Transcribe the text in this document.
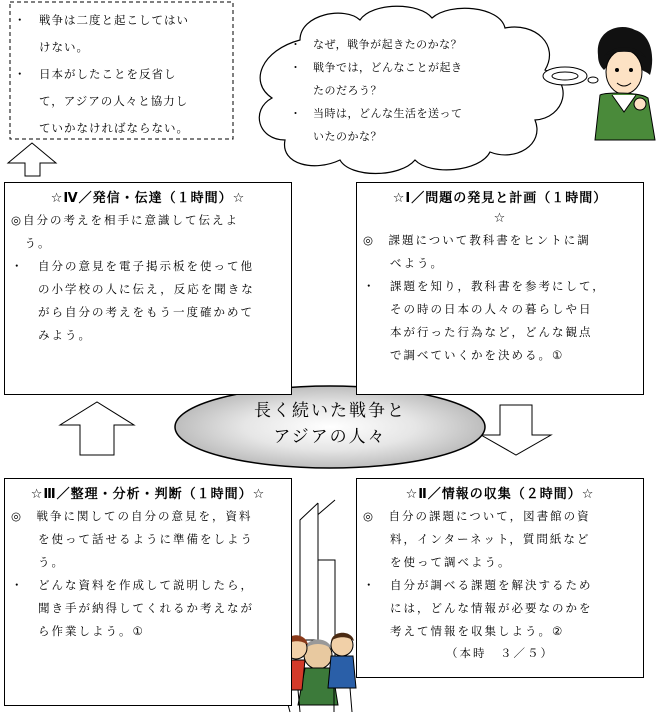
・　戦争は二度と起こしてはい
　　けない。
・　日本がしたことを反省し
　　て，アジアの人々と協力し
　　ていかなければならない。
・　なぜ，戦争が起きたのかな？
・　戦争では，どんなことが起き
　　たのだろう？
・　当時は，どんな生活を送って
　　いたのかな？
☆Ⅳ／発信・伝達（１時間）☆
◎自分の考えを相手に意識して伝えよ
　う。
・　自分の意見を電子掲示板を使って他
　　の小学校の人に伝え，反応を聞きな
　　がら自分の考えをもう一度確かめて
　　みよう。
☆Ⅰ／問題の発見と計画（１時間）
☆
◎　課題について教科書をヒントに調
　　べよう。
・　課題を知り，教科書を参考にして，
　　その時の日本の人々の暮らしや日
　　本が行った行為など，どんな観点
　　で調べていくかを決める。①
☆Ⅲ／整理・分析・判断（１時間）☆
◎　戦争に関しての自分の意見を，資料
　　を使って話せるように準備をしよう
　　う。
・　どんな資料を作成して説明したら，
　　聞き手が納得してくれるか考えなが
　　ら作業しよう。①
☆Ⅱ／情報の収集（２時間）☆
◎　自分の課題について，図書館の資
　　料，インターネット，質問紙など
　　を使って調べよう。
・　自分が調べる課題を解決するため
　　には，どんな情報が必要なのかを
　　考えて情報を収集しよう。②
（本時　３／５）
長く続いた戦争と
アジアの人々
